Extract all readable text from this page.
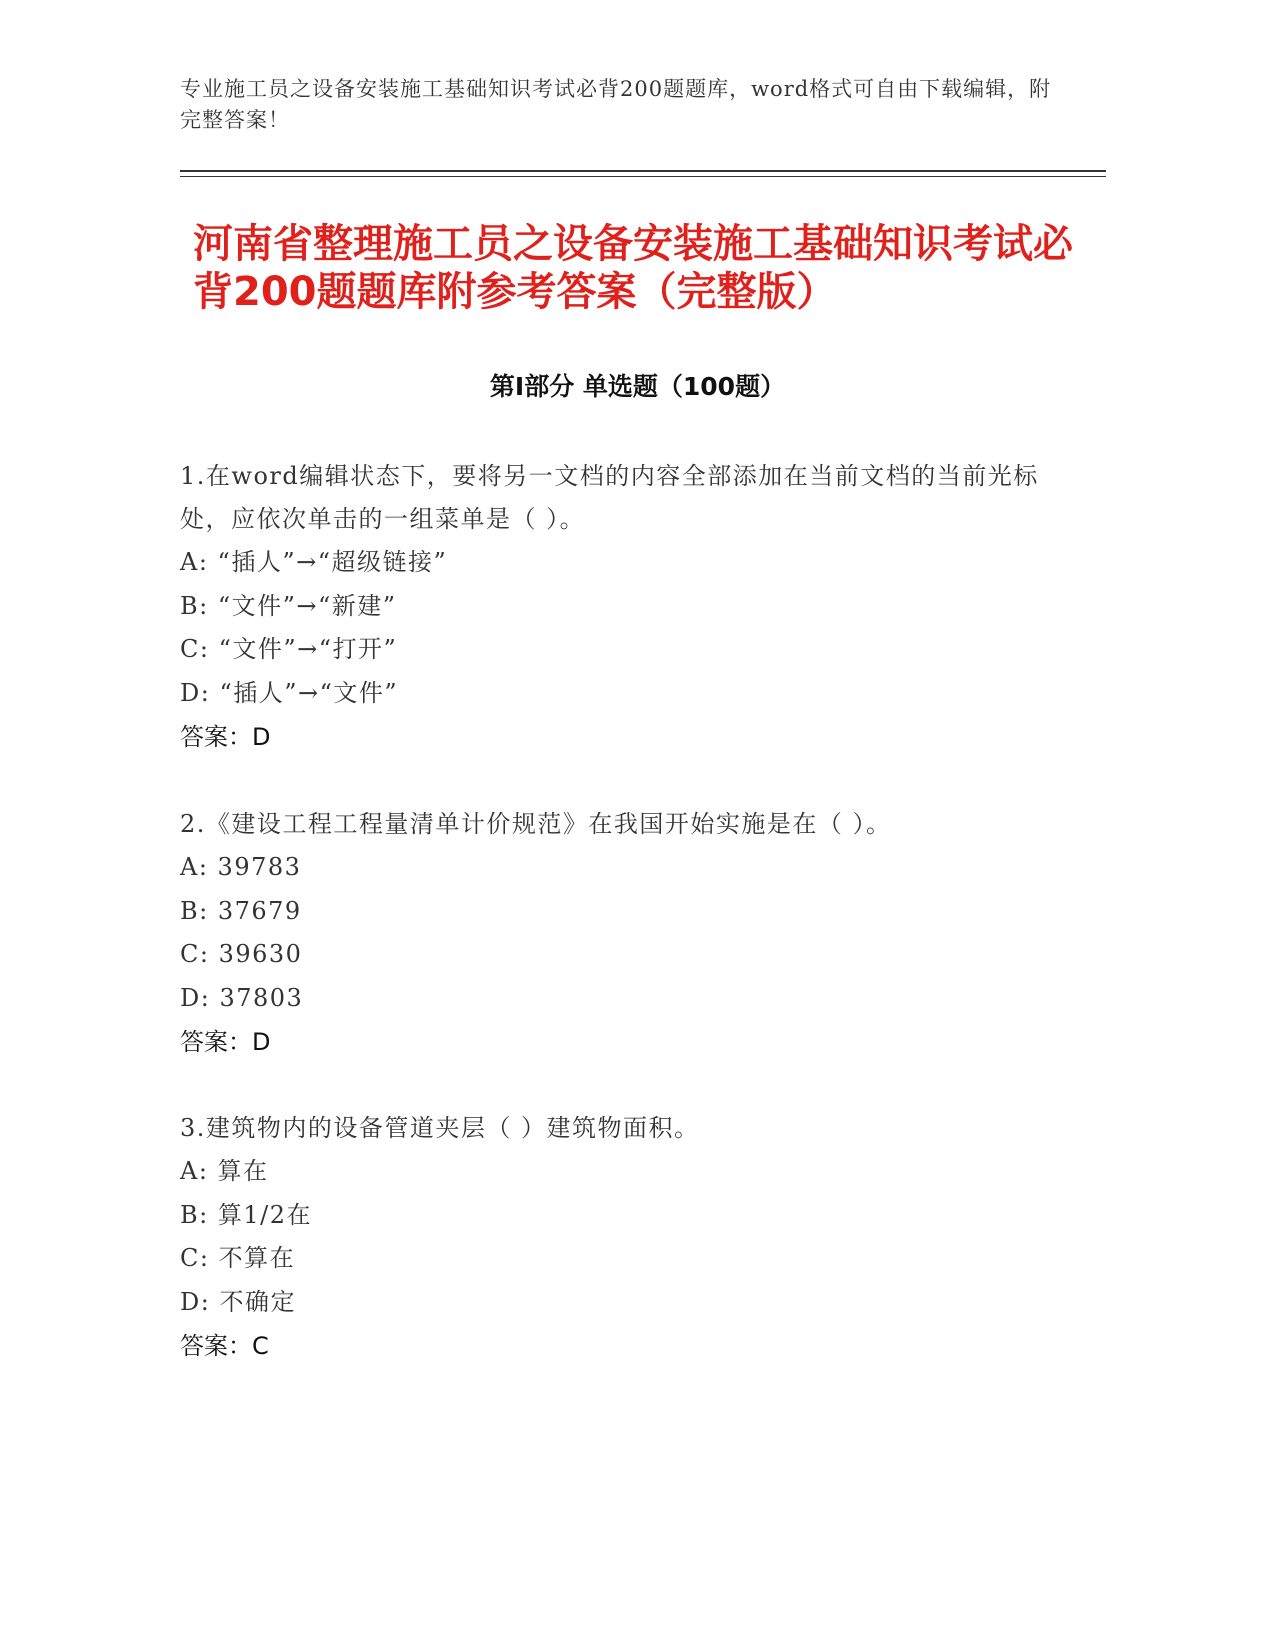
专业施工员之设备安装施工基础知识考试必背200题题库，word格式可自由下载编辑，附完整答案！
河南省整理施工员之设备安装施工基础知识考试必背200题题库附参考答案（完整版）
第Ⅰ部分 单选题（100题）

1.在word编辑状态下，要将另一文档的内容全部添加在当前文档的当前光标处，应依次单击的一组菜单是（ ）。

A: “插人”→“超级链接”

B: “文件”→“新建”

C: “文件”→“打开”

D: “插人”→“文件”

答案：D

2.《建设工程工程量清单计价规范》在我国开始实施是在（ ）。

A: 39783

B: 37679

C: 39630

D: 37803

答案：D

3.建筑物内的设备管道夹层（ ）建筑物面积。

A: 算在

B: 算1/2在

C: 不算在

D: 不确定

答案：C
